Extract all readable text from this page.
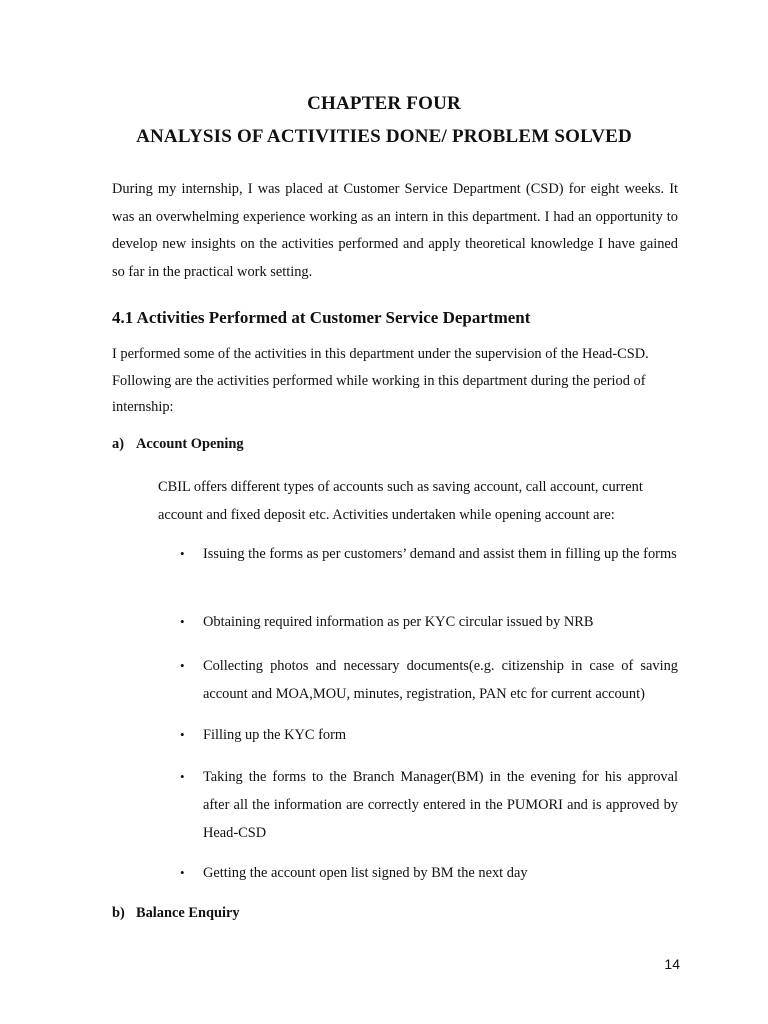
CHAPTER FOUR
ANALYSIS OF ACTIVITIES DONE/ PROBLEM SOLVED

During my internship, I was placed at Customer Service Department (CSD) for eight weeks. It was an overwhelming experience working as an intern in this department. I had an opportunity to develop new insights on the activities performed and apply theoretical knowledge I have gained so far in the practical work setting.

4.1 Activities Performed at Customer Service Department

I performed some of the activities in this department under the supervision of the Head-CSD. Following are the activities performed while working in this department during the period of internship:

a) Account Opening

CBIL offers different types of accounts such as saving account, call account, current account and fixed deposit etc. Activities undertaken while opening account are:

• Issuing the forms as per customers’ demand and assist them in filling up the forms
• Obtaining required information as per KYC circular issued by NRB
• Collecting photos and necessary documents(e.g. citizenship in case of saving account and MOA,MOU, minutes, registration, PAN etc for current account)
• Filling up the KYC form
• Taking the forms to the Branch Manager(BM) in the evening for his approval after all the information are correctly entered in the PUMORI and is approved by Head-CSD
• Getting the account open list signed by BM the next day
b) Balance Enquiry

14
